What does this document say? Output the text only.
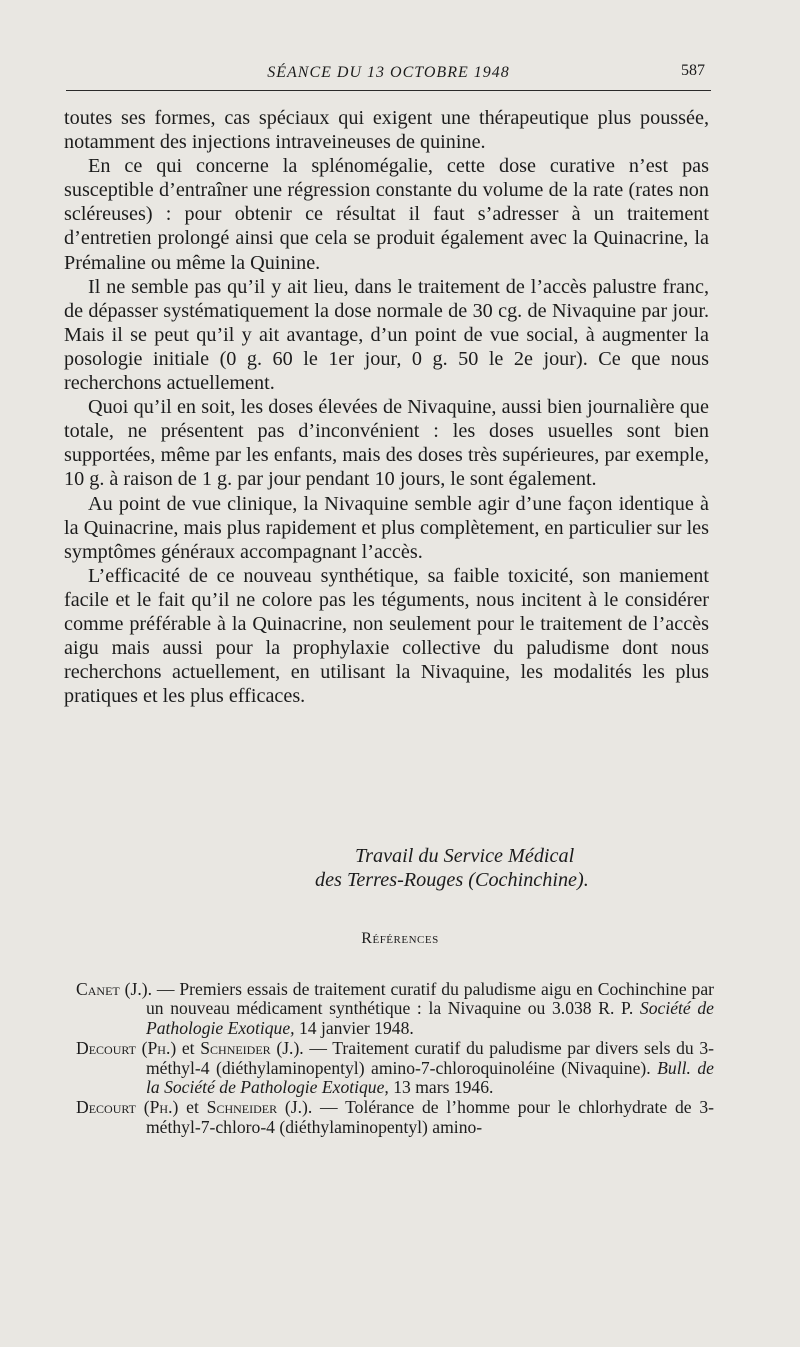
SÉANCE DU 13 OCTOBRE 1948	587

toutes ses formes, cas spéciaux qui exigent une thérapeutique plus poussée, notamment des injections intraveineuses de quinine.

En ce qui concerne la splénomégalie, cette dose curative n’est pas susceptible d’entraîner une régression constante du volume de la rate (rates non scléreuses) : pour obtenir ce résultat il faut s’adresser à un traitement d’entretien prolongé ainsi que cela se produit également avec la Quinacrine, la Prémaline ou même la Quinine.

Il ne semble pas qu’il y ait lieu, dans le traitement de l’accès palustre franc, de dépasser systématiquement la dose normale de 30 cg. de Nivaquine par jour. Mais il se peut qu’il y ait avantage, d’un point de vue social, à augmenter la posologie initiale (0 g. 60 le 1er jour, 0 g. 50 le 2e jour). Ce que nous recherchons actuellement.

Quoi qu’il en soit, les doses élevées de Nivaquine, aussi bien journalière que totale, ne présentent pas d’inconvénient : les doses usuelles sont bien supportées, même par les enfants, mais des doses très supérieures, par exemple, 10 g. à raison de 1 g. par jour pendant 10 jours, le sont également.

Au point de vue clinique, la Nivaquine semble agir d’une façon identique à la Quinacrine, mais plus rapidement et plus complètement, en particulier sur les symptômes généraux accompagnant l’accès.

L’efficacité de ce nouveau synthétique, sa faible toxicité, son maniement facile et le fait qu’il ne colore pas les téguments, nous incitent à le considérer comme préférable à la Quinacrine, non seulement pour le traitement de l’accès aigu mais aussi pour la prophylaxie collective du paludisme dont nous recherchons actuellement, en utilisant la Nivaquine, les modalités les plus pratiques et les plus efficaces.

Travail du Service Médical
des Terres-Rouges (Cochinchine).
Références

Canet (J.). — Premiers essais de traitement curatif du paludisme aigu en Cochinchine par un nouveau médicament synthétique : la Nivaquine ou 3.038 R. P. Société de Pathologie Exotique, 14 janvier 1948.

Decourt (Ph.) et Schneider (J.). — Traitement curatif du paludisme par divers sels du 3-méthyl-4 (diéthylaminopentyl) amino-7-chloroquinoléine (Nivaquine). Bull. de la Société de Pathologie Exotique, 13 mars 1946.

Decourt (Ph.) et Schneider (J.). — Tolérance de l’homme pour le chlorhydrate de 3-méthyl-7-chloro-4 (diéthylaminopentyl) amino-
